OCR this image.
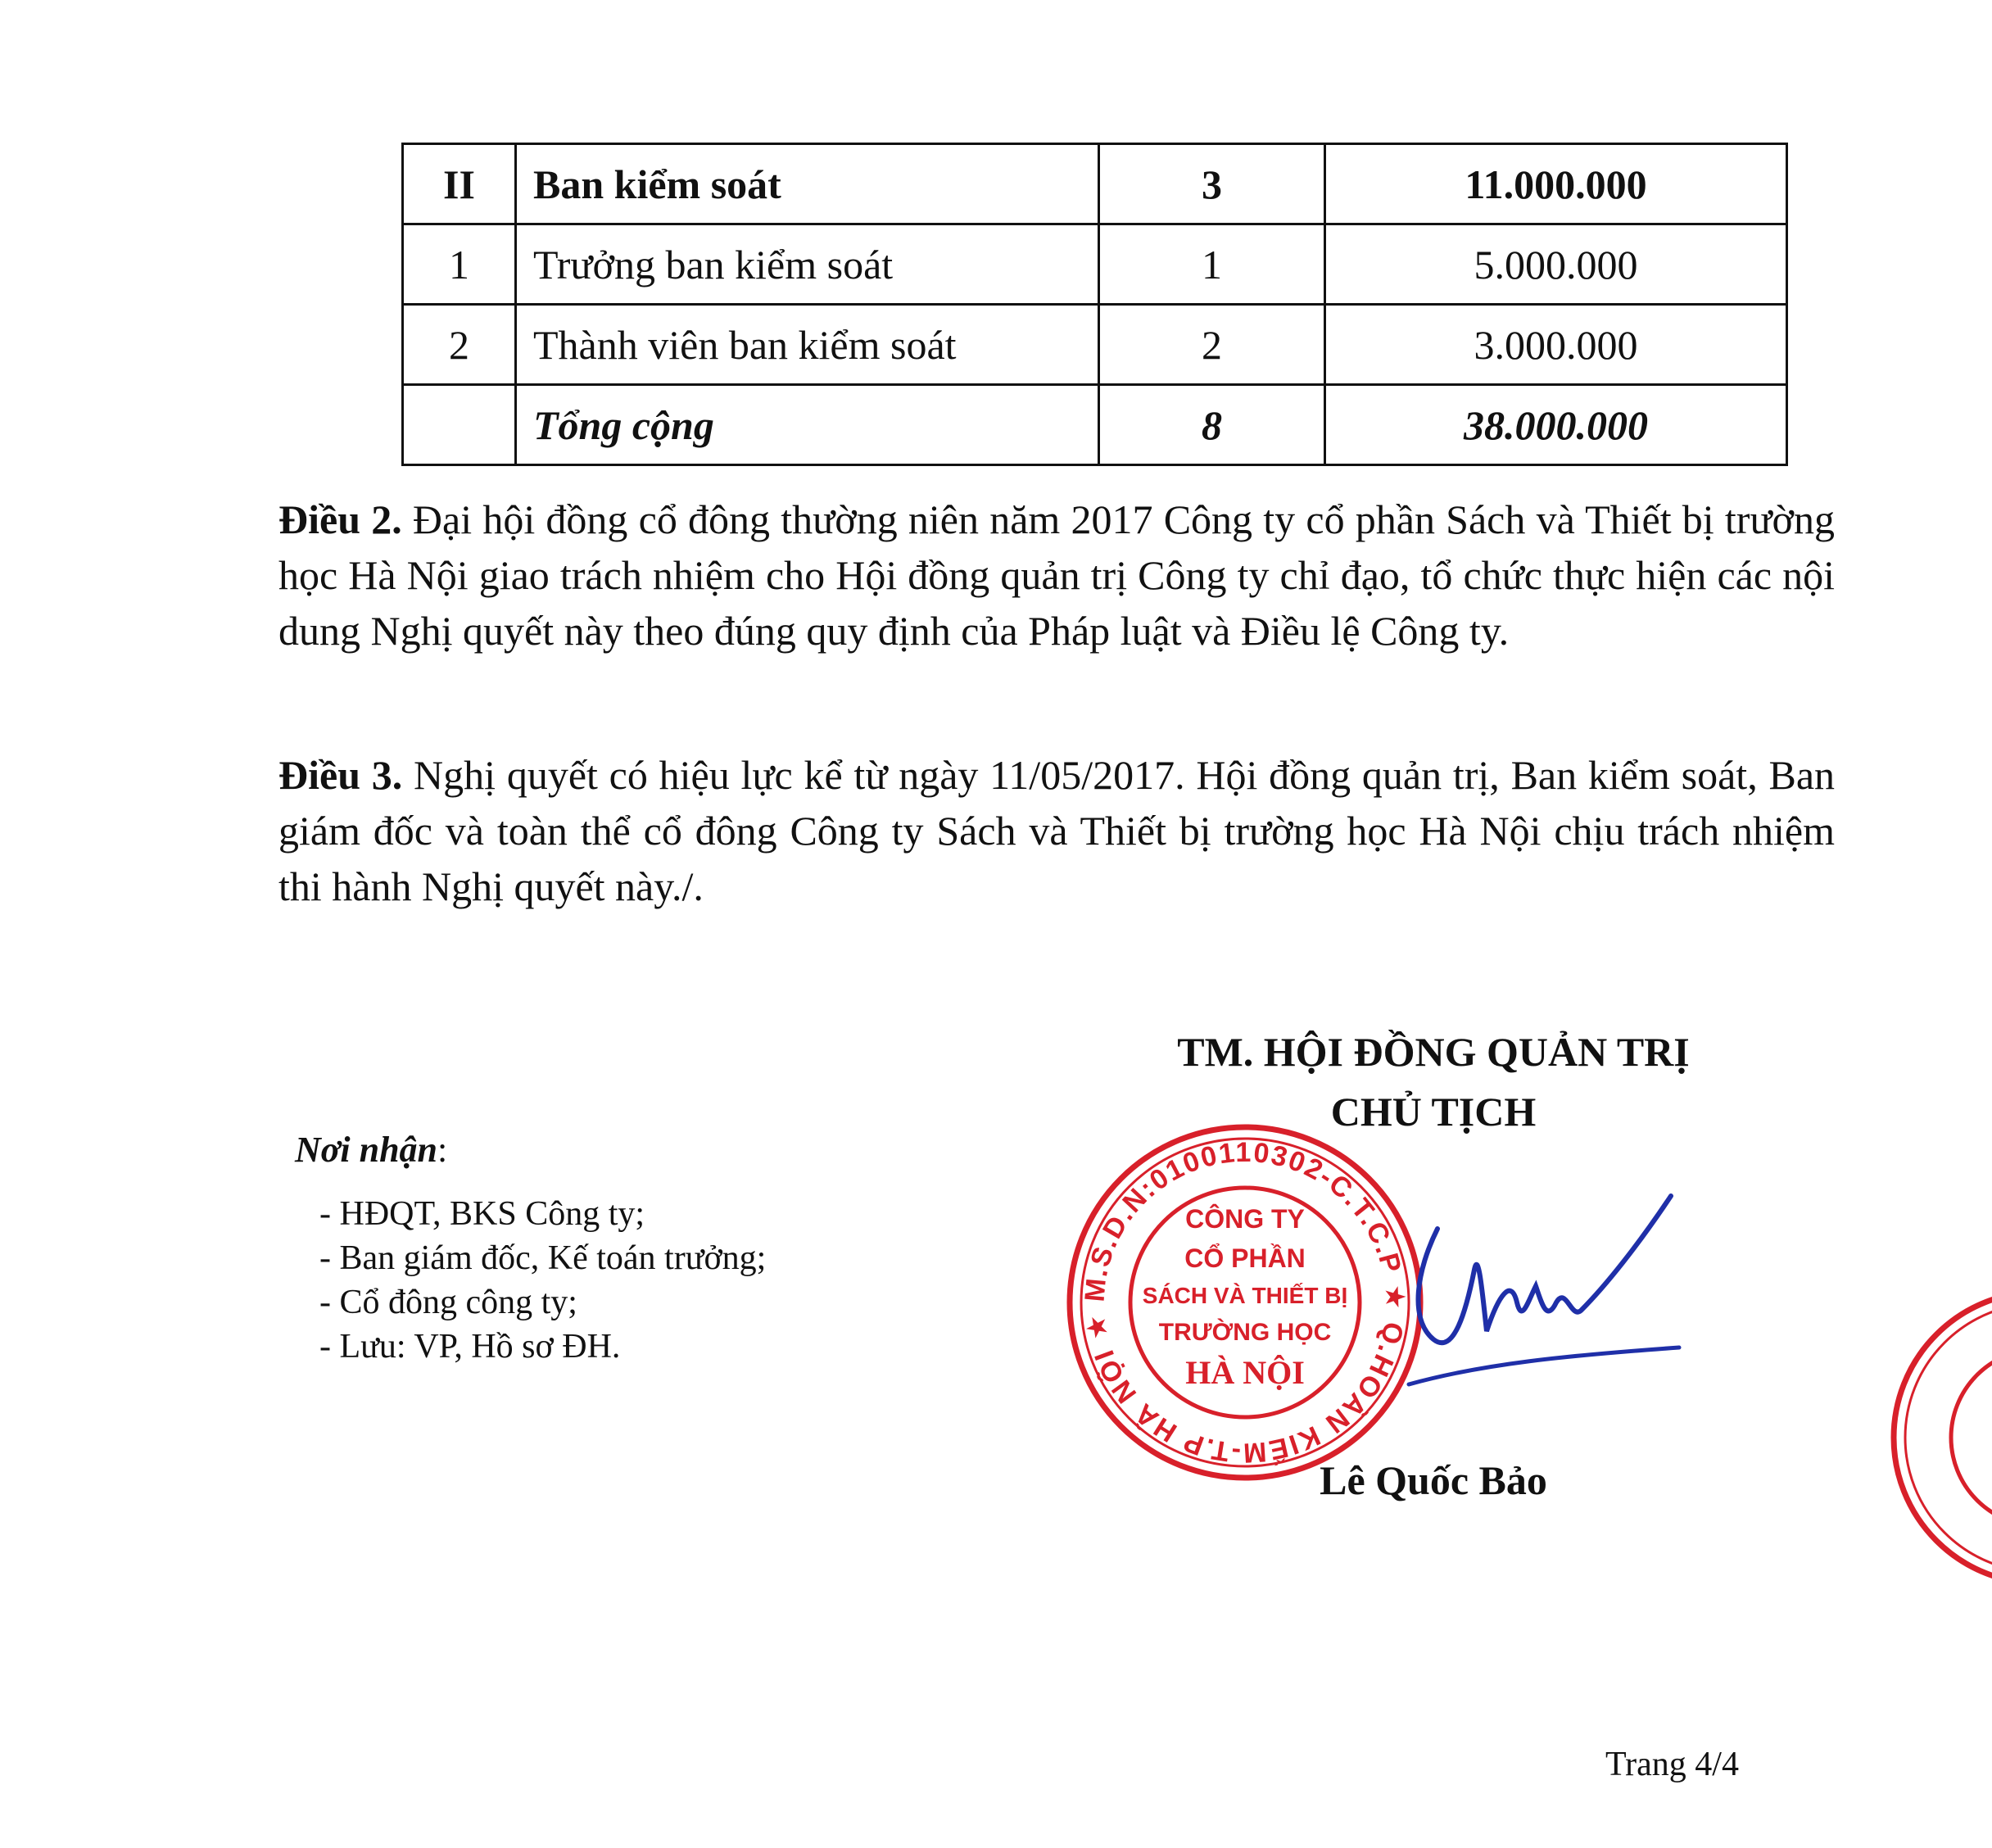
II	Ban kiểm soát	3	11.000.000
1	Trưởng ban kiểm soát	1	5.000.000
2	Thành viên ban kiểm soát	2	3.000.000
	Tổng cộng	8	38.000.000

Điều 2. Đại hội đồng cổ đông thường niên năm 2017 Công ty cổ phần Sách và Thiết bị trường học Hà Nội giao trách nhiệm cho Hội đồng quản trị Công ty chỉ đạo, tổ chức thực hiện các nội dung Nghị quyết này theo đúng quy định của Pháp luật và Điều lệ Công ty.

Điều 3. Nghị quyết có hiệu lực kể từ ngày 11/05/2017. Hội đồng quản trị, Ban kiểm soát, Ban giám đốc và toàn thể cổ đông Công ty Sách và Thiết bị trường học Hà Nội chịu trách nhiệm thi hành Nghị quyết này./.

TM. HỘI ĐỒNG QUẢN TRỊ
CHỦ TỊCH
Nơi nhận:
- HĐQT, BKS Công ty;
- Ban giám đốc, Kế toán trưởng;
- Cổ đông công ty;
- Lưu: VP, Hồ sơ ĐH.
M.S.D.N:0100110302-C.T.C.P ★ Q.HOÀN KIẾM-T.P HÀ NỘI ★
CÔNG TY
CỔ PHẦN
SÁCH VÀ THIẾT BỊ
TRƯỜNG HỌC
HÀ NỘI
Lê Quốc Bảo
Trang 4/4
